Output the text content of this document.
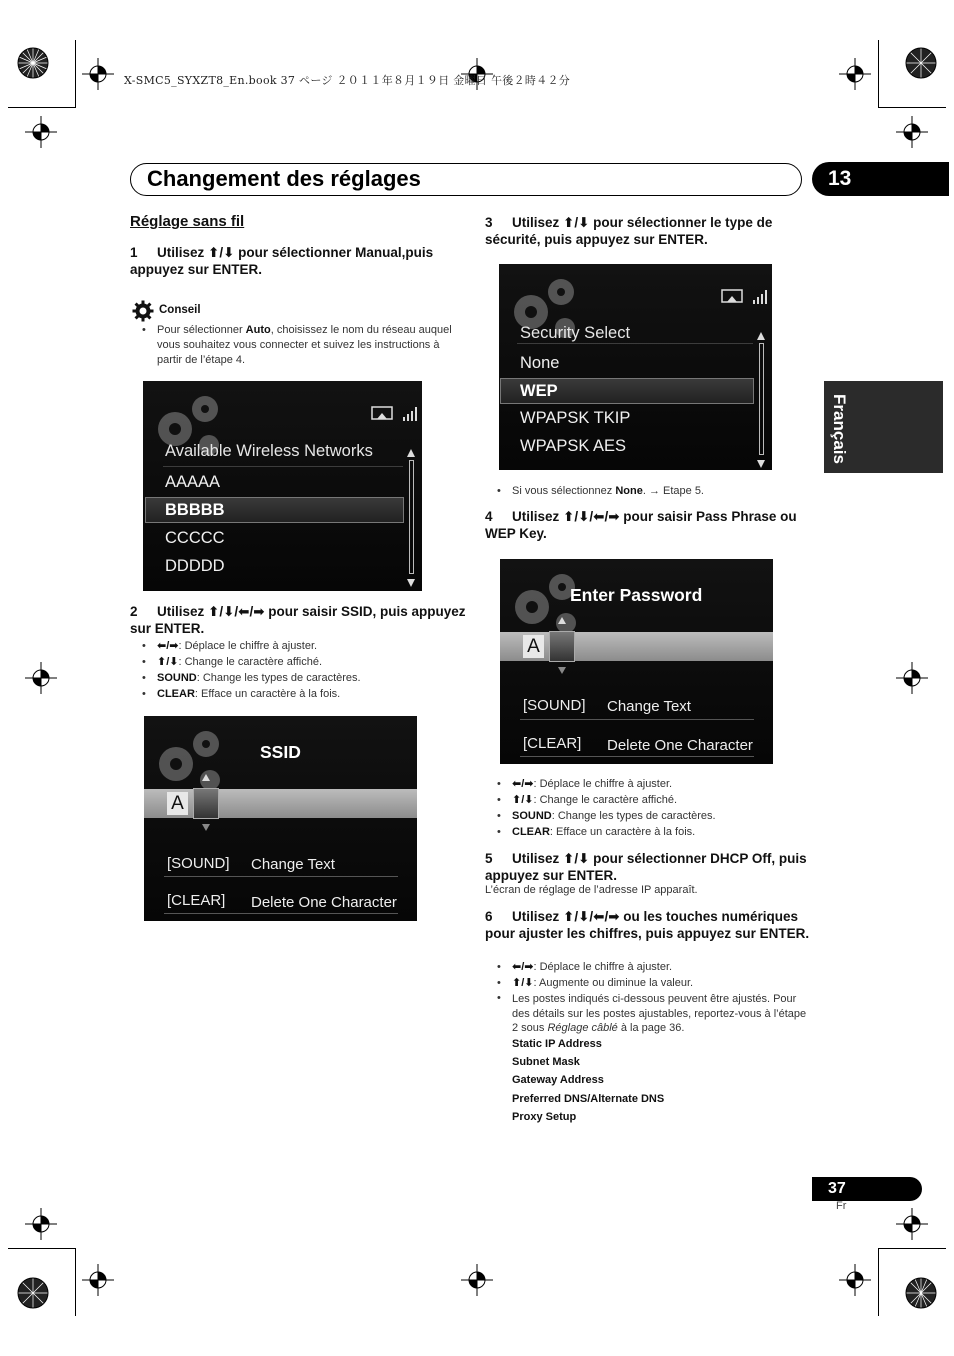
X-SMC5_SYXZT8_En.book 37 ページ ２０１１年８月１９日 金曜日 午後２時４２分
Changement des réglages	13
Français
Réglage sans fil
1 Utilisez ⬆/⬇ pour sélectionner Manual,puis appuyez sur ENTER.
Conseil
• Pour sélectionner Auto, choisissez le nom du réseau auquel vous souhaitez vous connecter et suivez les instructions à partir de l’étape 4.
Available Wireless Networks
AAAAA
BBBBB
CCCCC
DDDDD
2 Utilisez ⬆/⬇/⬅/➡ pour saisir SSID, puis appuyez sur ENTER.
• ⬅/➡: Déplace le chiffre à ajuster.
• ⬆/⬇: Change le caractère affiché.
• SOUND: Change les types de caractères.
• CLEAR: Efface un caractère à la fois.
SSID
A
[SOUND] Change Text
[CLEAR] Delete One Character
3 Utilisez ⬆/⬇ pour sélectionner le type de sécurité, puis appuyez sur ENTER.
Security Select
None
WEP
WPAPSK TKIP
WPAPSK AES
• Si vous sélectionnez None. → Etape 5.
4 Utilisez ⬆/⬇/⬅/➡ pour saisir Pass Phrase ou WEP Key.
Enter Password
A
[SOUND] Change Text
[CLEAR] Delete One Character
• ⬅/➡: Déplace le chiffre à ajuster.
• ⬆/⬇: Change le caractère affiché.
• SOUND: Change les types de caractères.
• CLEAR: Efface un caractère à la fois.
5 Utilisez ⬆/⬇ pour sélectionner DHCP Off, puis appuyez sur ENTER.
L’écran de réglage de l’adresse IP apparaît.
6 Utilisez ⬆/⬇/⬅/➡ ou les touches numériques pour ajuster les chiffres, puis appuyez sur ENTER.
• ⬅/➡: Déplace le chiffre à ajuster.
• ⬆/⬇: Augmente ou diminue la valeur.
• Les postes indiqués ci-dessous peuvent être ajustés. Pour des détails sur les postes ajustables, reportez-vous à l’étape 2 sous Réglage câblé à la page 36.
Static IP Address
Subnet Mask
Gateway Address
Preferred DNS/Alternate DNS
Proxy Setup
37
Fr
